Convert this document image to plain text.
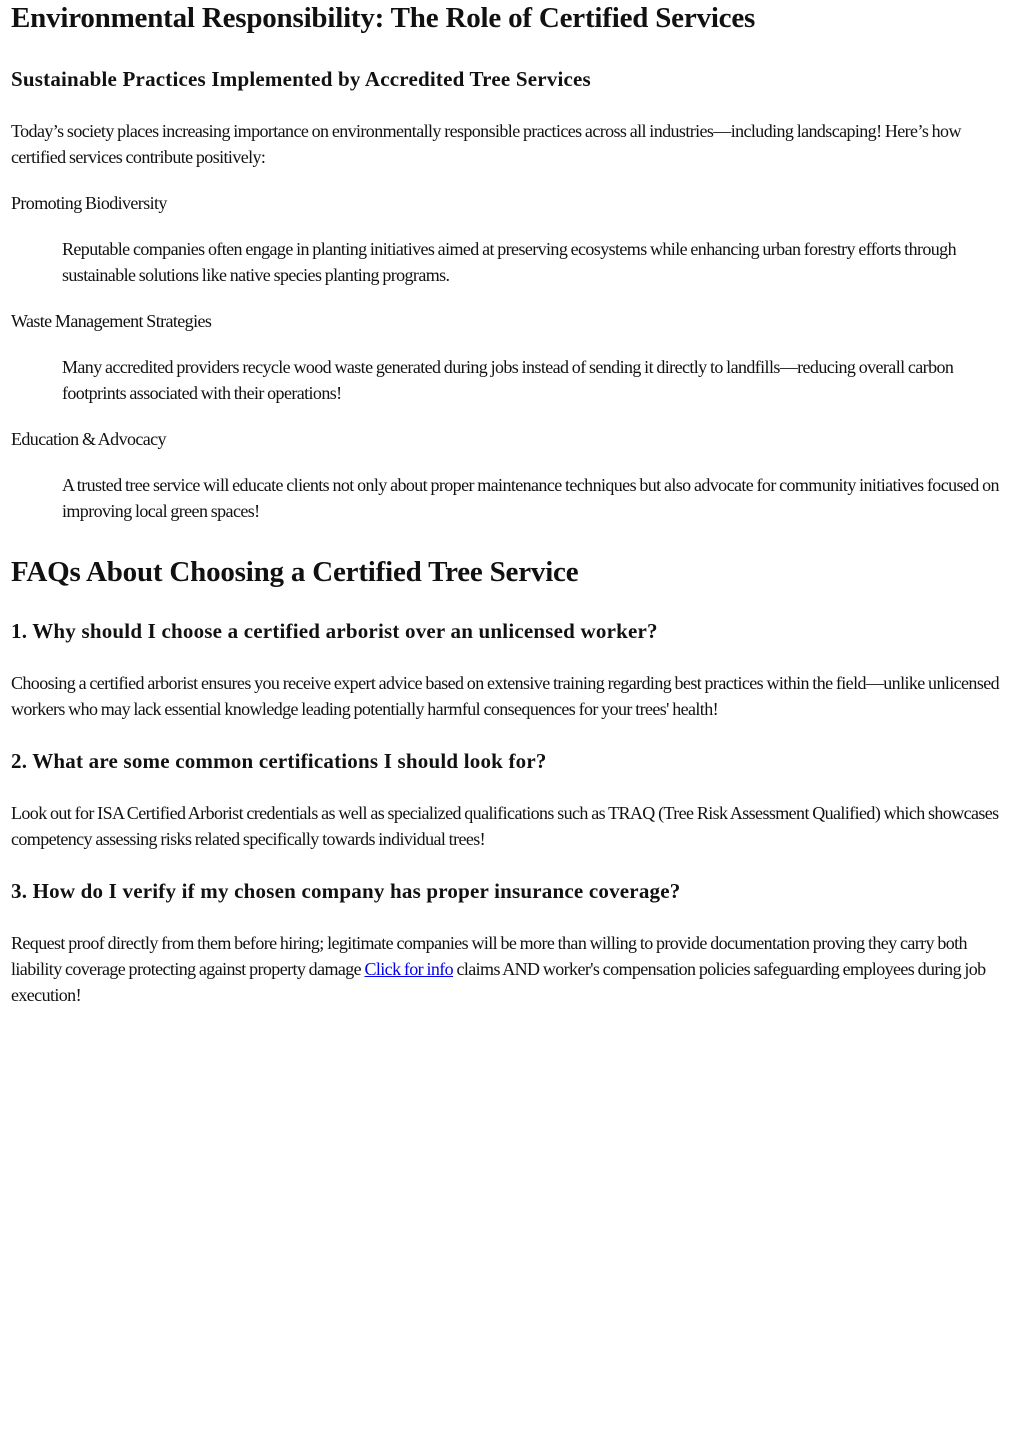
Environmental Responsibility: The Role of Certified Services
Sustainable Practices Implemented by Accredited Tree Services

Today’s society places increasing importance on environmentally responsible practices across all industries—including landscaping! Here’s how certified services contribute positively:

Promoting Biodiversity

Reputable companies often engage in planting initiatives aimed at preserving ecosystems while enhancing urban forestry efforts through sustainable solutions like native species planting programs.

Waste Management Strategies

Many accredited providers recycle wood waste generated during jobs instead of sending it directly to landfills—reducing overall carbon footprints associated with their operations!

Education & Advocacy

A trusted tree service will educate clients not only about proper maintenance techniques but also advocate for community initiatives focused on improving local green spaces!

FAQs About Choosing a Certified Tree Service
1. Why should I choose a certified arborist over an unlicensed worker?

Choosing a certified arborist ensures you receive expert advice based on extensive training regarding best practices within the field—unlike unlicensed workers who may lack essential knowledge leading potentially harmful consequences for your trees' health!

2. What are some common certifications I should look for?

Look out for ISA Certified Arborist credentials as well as specialized qualifications such as TRAQ (Tree Risk Assessment Qualified) which showcases competency assessing risks related specifically towards individual trees!

3. How do I verify if my chosen company has proper insurance coverage?

Request proof directly from them before hiring; legitimate companies will be more than willing to provide documentation proving they carry both liability coverage protecting against property damage Click for info claims AND worker's compensation policies safeguarding employees during job execution!
